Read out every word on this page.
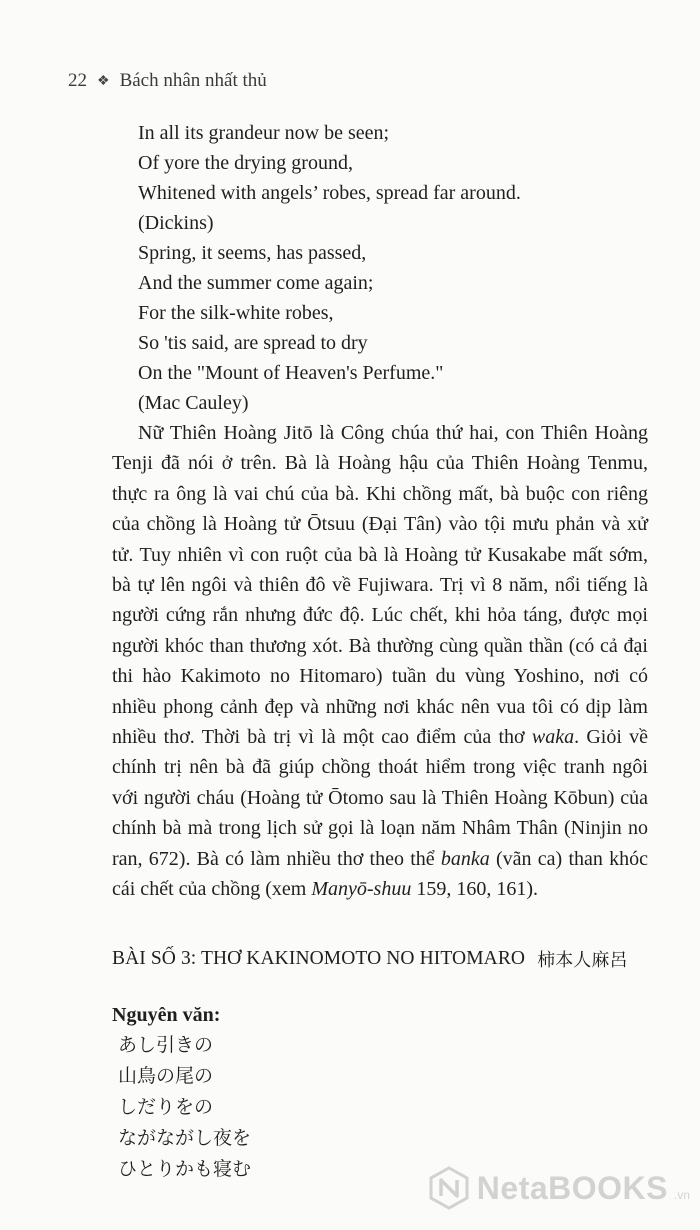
22 ❖ Bách nhân nhất thủ
In all its grandeur now be seen;
Of yore the drying ground,
Whitened with angels’ robes, spread far around.
(Dickins)
Spring, it seems, has passed,
And the summer come again;
For the silk-white robes,
So 'tis said, are spread to dry
On the "Mount of Heaven's Perfume."
(Mac Cauley)

Nữ Thiên Hoàng Jitō là Công chúa thứ hai, con Thiên Hoàng Tenji đã nói ở trên. Bà là Hoàng hậu của Thiên Hoàng Tenmu, thực ra ông là vai chú của bà. Khi chồng mất, bà buộc con riêng của chồng là Hoàng tử Ōtsuu (Đại Tân) vào tội mưu phản và xử tử. Tuy nhiên vì con ruột của bà là Hoàng tử Kusakabe mất sớm, bà tự lên ngôi và thiên đô về Fujiwara. Trị vì 8 năm, nổi tiếng là người cứng rắn nhưng đức độ. Lúc chết, khi hỏa táng, được mọi người khóc than thương xót. Bà thường cùng quần thần (có cả đại thi hào Kakimoto no Hitomaro) tuần du vùng Yoshino, nơi có nhiều phong cảnh đẹp và những nơi khác nên vua tôi có dịp làm nhiều thơ. Thời bà trị vì là một cao điểm của thơ waka. Giỏi về chính trị nên bà đã giúp chồng thoát hiểm trong việc tranh ngôi với người cháu (Hoàng tử Ōtomo sau là Thiên Hoàng Kōbun) của chính bà mà trong lịch sử gọi là loạn năm Nhâm Thân (Ninjin no ran, 672). Bà có làm nhiều thơ theo thể banka (vãn ca) than khóc cái chết của chồng (xem Manyō-shuu 159, 160, 161).

BÀI SỐ 3: THƠ KAKINOMOTO NO HITOMARO 柿本人麻呂
Nguyên văn:
あし引きの
山鳥の尾の
しだりをの
ながながし夜を
ひとりかも寝む
NetaBOOKS .vn
